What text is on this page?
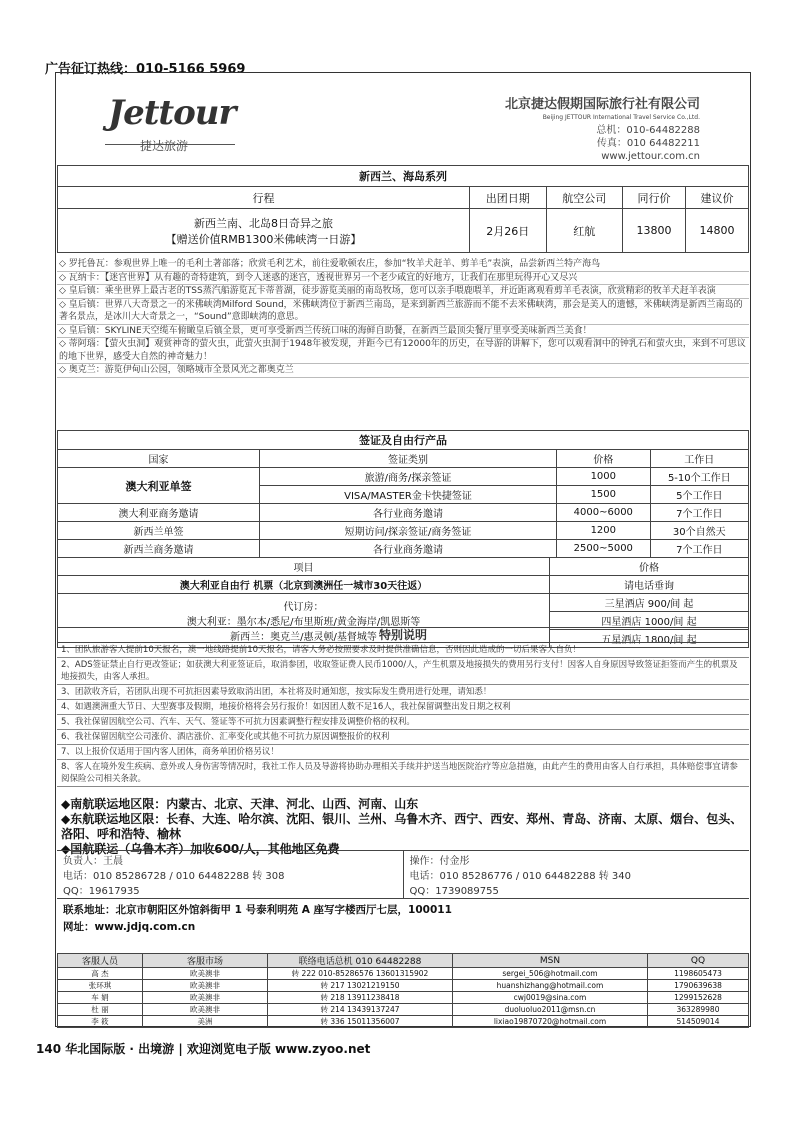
广告征订热线：010-5166 5969
Jettour
捷达旅游
北京捷达假期国际旅行社有限公司
Beijing JETTOUR International Travel Service Co.,Ltd.
总机：010-64482288
传真：010 64482211
www.jettour.com.cn
新西兰、海岛系列				
行程	出团日期	航空公司	同行价	建议价

新西兰南、北岛8日奇异之旅
【赠送价值RMB1300米佛峡湾一日游】	2月26日	红航	13800	14800
◇ 罗托鲁瓦：参观世界上唯一的毛利土著部落；欣赏毛利艺术，前往爱歌顿农庄，参加“牧羊犬赶羊、剪羊毛”表演，品尝新西兰特产海鸟
◇ 瓦纳卡：【迷宫世界】从有趣的奇特建筑，到令人迷惑的迷宫，透视世界另一个老少咸宜的好地方，让我们在那里玩得开心又尽兴
◇ 皇后镇：乘坐世界上最古老的TSS蒸汽船游览瓦卡蒂普湖，徒步游览美丽的南岛牧场，您可以亲手喂鹿喂羊，并近距离观看剪羊毛表演，欣赏精彩的牧羊犬赶羊表演
◇ 皇后镇：世界八大奇景之一的米佛峡湾Milford Sound，米佛峡湾位于新西兰南岛，是来到新西兰旅游而不能不去米佛峡湾，那会是美人的遗憾，米佛峡湾是新西兰南岛的著名景点，是冰川大大奇景之一，“Sound”意即峡湾的意思。
◇ 皇后镇：SKYLINE天空缆车俯瞰皇后镇全景，更可享受新西兰传统口味的海鲜自助餐，在新西兰最顶尖餐厅里享受美味新西兰美食！
◇ 蒂阿瑙：【萤火虫洞】观赏神奇的萤火虫，此萤火虫洞于1948年被发现，并距今已有12000年的历史，在导游的讲解下，您可以观看洞中的钟乳石和萤火虫，来到不可思议的地下世界，感受大自然的神奇魅力！
◇ 奥克兰：游览伊甸山公园，领略城市全景风光之都奥克兰
签证及自由行产品			
国家	签证类别	价格	工作日
澳大利亚单签	旅游/商务/探亲签证	1000	5-10个工作日
	VISA/MASTER金卡快捷签证	1500	5个工作日
澳大利亚商务邀请	各行业商务邀请	4000~6000	7个工作日
新西兰单签	短期访问/探亲签证/商务签证	1200	30个自然天
新西兰商务邀请	各行业商务邀请	2500~5000	7个工作日
项目	价格
澳大利亚自由行 机票（北京到澳洲任一城市30天往返）	请电话垂询

代订房：
澳大利亚：墨尔本/悉尼/布里斯班/黄金海岸/凯恩斯等
新西兰：奥克兰/惠灵顿/基督城等	三星酒店 900/间 起
	四星酒店 1000/间 起
	五星酒店 1800/间 起
特别说明
1、团队旅游客人提前10天报名，澳一地线路提前10天报名，请客人务必按照要求及时提供准确信息，否则因此造成的一切后果客人自负！
2、ADS签证禁止自行更改签证；如获澳大利亚签证后，取消参团，收取签证费人民币1000/人，产生机票及地接损失的费用另行支付！因客人自身原因导致签证拒签而产生的机票及地接损失，由客人承担。
3、团款收齐后，若团队出现不可抗拒因素导致取消出团，本社将及时通知您，按实际发生费用进行处理，请知悉！
4、如遇澳洲重大节日、大型赛事及假期，地接价格将会另行报价！如因团人数不足16人，我社保留调整出发日期之权利
5、我社保留因航空公司、汽车、天气、签证等不可抗力因素调整行程安排及调整价格的权利。
6、我社保留因航空公司涨价、酒店涨价、汇率变化或其他不可抗力原因调整报价的权利
7、以上报价仅适用于国内客人团体，商务单团价格另议！
8、客人在境外发生疾病、意外或人身伤害等情况时，我社工作人员及导游将协助办理相关手续并护送当地医院治疗等应急措施，由此产生的费用由客人自行承担，具体赔偿事宜请参阅保险公司相关条款。
◆南航联运地区限：内蒙古、北京、天津、河北、山西、河南、山东
◆东航联运地区限：长春、大连、哈尔滨、沈阳、银川、兰州、乌鲁木齐、西宁、西安、郑州、青岛、济南、太原、烟台、包头、洛阳、呼和浩特、榆林
◆国航联运（乌鲁木齐）加收600/人，其他地区免费
负责人：王晨
电话：010 85286728 / 010 64482288 转 308
QQ：19617935

操作：付金彤
电话：010 85286776 / 010 64482288 转 340
QQ：1739089755
联系地址：北京市朝阳区外馆斜街甲 1 号泰利明苑 A 座写字楼西厅七层，100011
网址：www.jdjq.com.cn
客服人员	客服市场	联络电话总机 010 64482288	MSN	QQ
高 杰	欧美澳非	转 222 010-85286576 13601315902	sergei_506@hotmail.com	1198605473
张环琪	欧美澳非	转 217 13021219150	huanshizhang@hotmail.com	1790639638
车 娟	欧美澳非	转 218 13911238418	cwj0019@sina.com	1299152628
杜 丽	欧美澳非	转 214 13439137247	duoluoluo2011@msn.cn	363289980
李 筱	美洲	转 336 15011356007	lixiao19870720@hotmail.com	514509014
140 华北国际版 · 出境游 | 欢迎浏览电子版 www.zyoo.net
